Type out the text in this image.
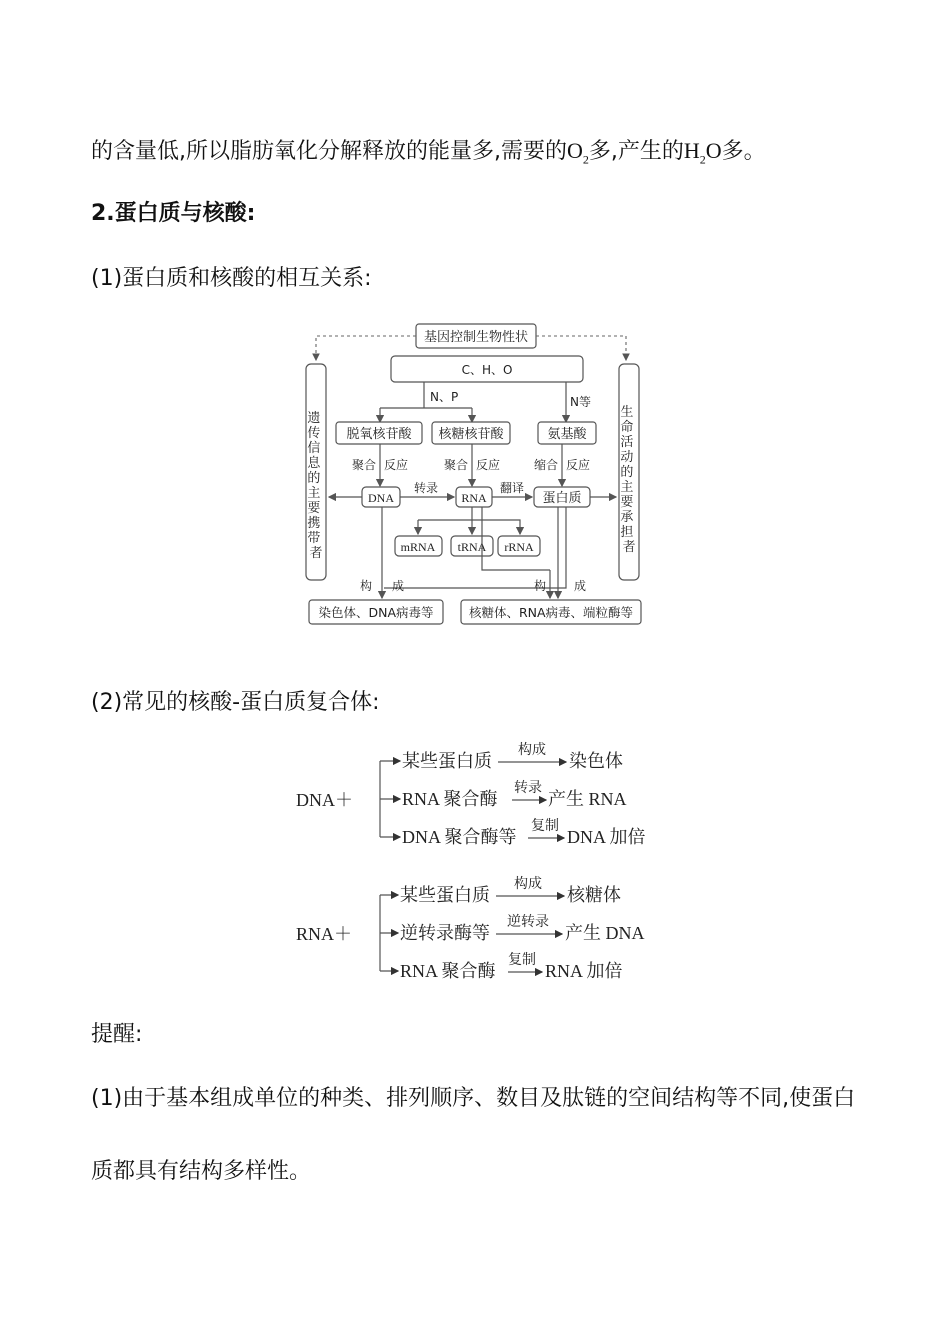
的含量低,所以脂肪氧化分解释放的能量多,需要的$O_2$多,产生的$H_2O$多。
2.蛋白质与核酸:
(1)蛋白质和核酸的相互关系:
基因控制生物性状
C、H、O
遗 传 信 息 的 主 要 携 带 者
生 命 活 动 的 主 要 承 担 者
N、P	N等
脱氧核苷酸 核糖核苷酸	氨基酸
聚合 反应	聚合 反应	缩合 反应
DNA	RNA	蛋白质
转录	翻译
mRNA tRNA rRNA
构 成	构 成
染色体、DNA病毒等	核糖体、RNA病毒、端粒酶等
(2)常见的核酸-蛋白质复合体:
DNA＋
某些蛋白质
构成
染色体
RNA 聚合酶
转录
产生 RNA
DNA 聚合酶等
复制
DNA 加倍
RNA＋
某些蛋白质
构成
核糖体
逆转录酶等
逆转录
产生 DNA
RNA 聚合酶
复制
RNA 加倍
提醒:
(1)由于基本组成单位的种类、排列顺序、数目及肽链的空间结构等不同,使蛋白
质都具有结构多样性。
